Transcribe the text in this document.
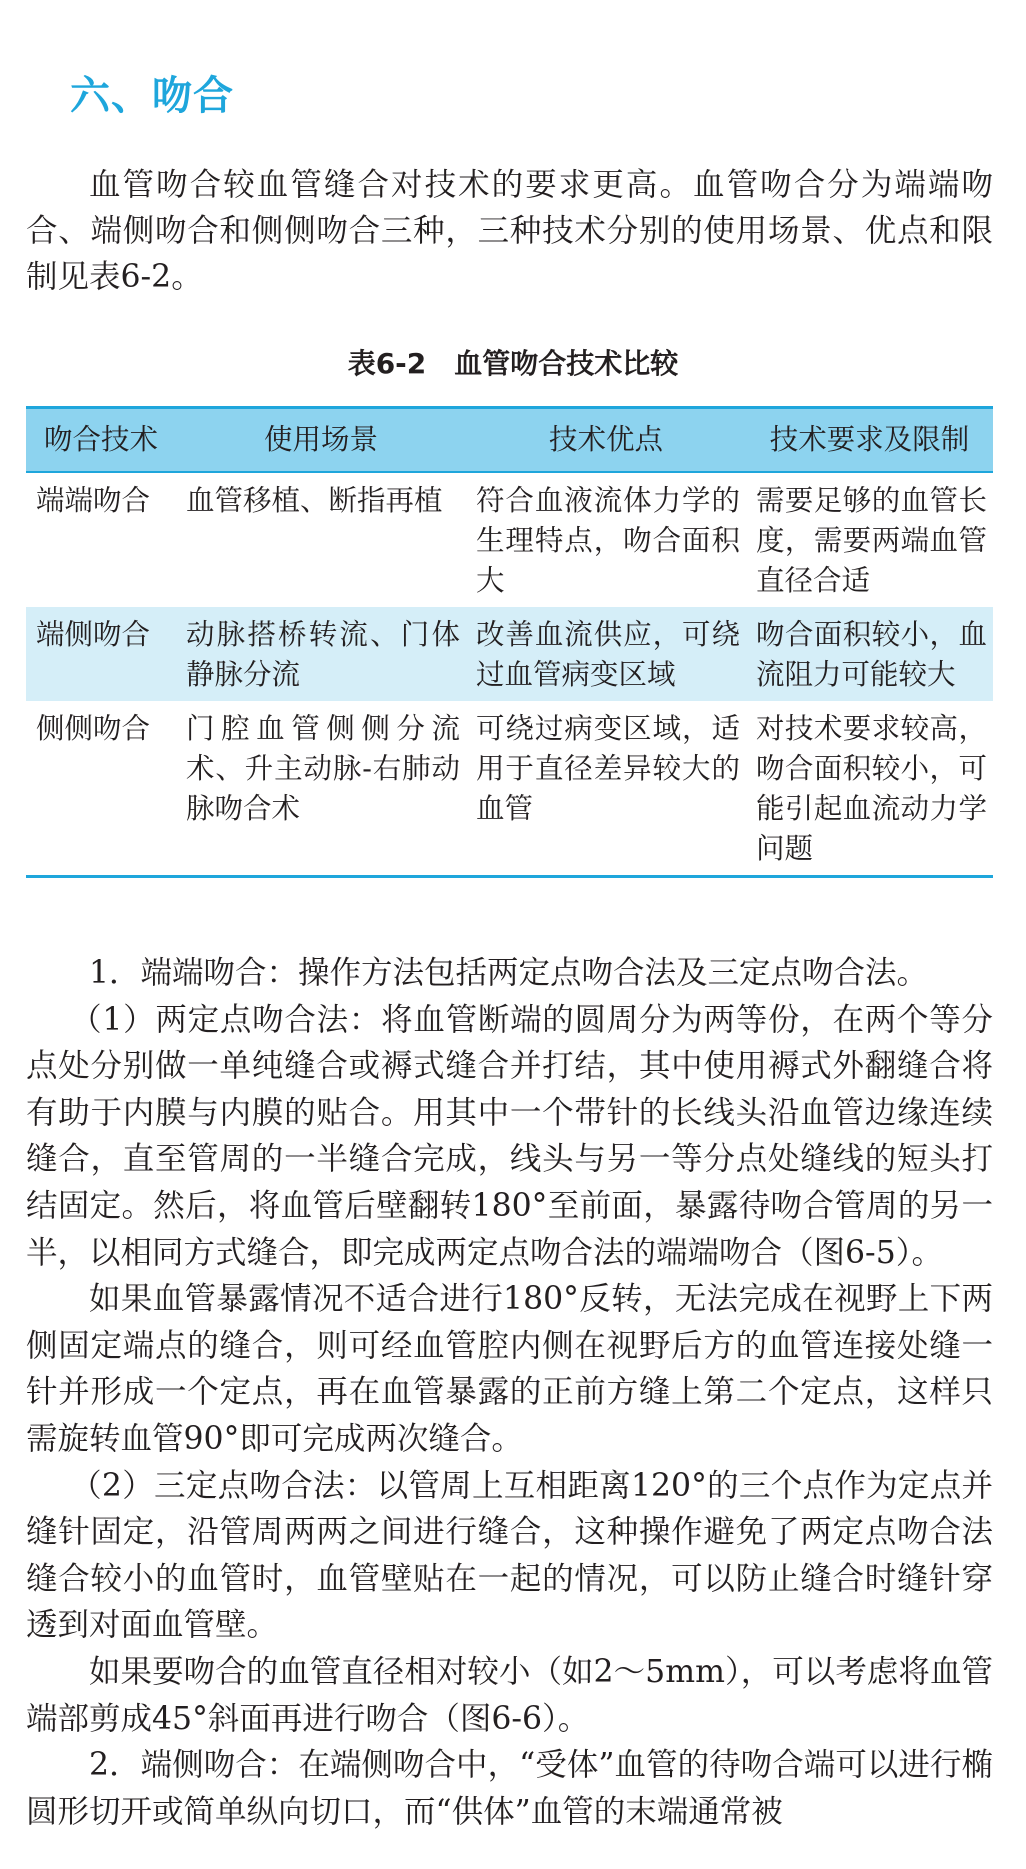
六、吻合

血管吻合较血管缝合对技术的要求更高。血管吻合分为端端吻合、端侧吻合和侧侧吻合三种，三种技术分别的使用场景、优点和限制见表6-2。

表6-2　血管吻合技术比较

吻合技术	使用场景	技术优点	技术要求及限制
端端吻合	血管移植、断指再植	符合血液流体力学的生理特点，吻合面积大	需要足够的血管长度，需要两端血管直径合适
端侧吻合	动脉搭桥转流、门体静脉分流	改善血流供应，可绕过血管病变区域	吻合面积较小，血流阻力可能较大
侧侧吻合	门腔血管侧侧分流术、升主动脉-右肺动脉吻合术	可绕过病变区域，适用于直径差异较大的血管	对技术要求较高，吻合面积较小，可能引起血流动力学问题

1．端端吻合：操作方法包括两定点吻合法及三定点吻合法。

（1）两定点吻合法：将血管断端的圆周分为两等份，在两个等分点处分别做一单纯缝合或褥式缝合并打结，其中使用褥式外翻缝合将有助于内膜与内膜的贴合。用其中一个带针的长线头沿血管边缘连续缝合，直至管周的一半缝合完成，线头与另一等分点处缝线的短头打结固定。然后，将血管后壁翻转180°至前面，暴露待吻合管周的另一半，以相同方式缝合，即完成两定点吻合法的端端吻合（图6-5）。

如果血管暴露情况不适合进行180°反转，无法完成在视野上下两侧固定端点的缝合，则可经血管腔内侧在视野后方的血管连接处缝一针并形成一个定点，再在血管暴露的正前方缝上第二个定点，这样只需旋转血管90°即可完成两次缝合。

（2）三定点吻合法：以管周上互相距离120°的三个点作为定点并缝针固定，沿管周两两之间进行缝合，这种操作避免了两定点吻合法缝合较小的血管时，血管壁贴在一起的情况，可以防止缝合时缝针穿透到对面血管壁。

如果要吻合的血管直径相对较小（如2～5mm），可以考虑将血管端部剪成45°斜面再进行吻合（图6-6）。

2．端侧吻合：在端侧吻合中，“受体”血管的待吻合端可以进行椭圆形切开或简单纵向切口，而“供体”血管的末端通常被
